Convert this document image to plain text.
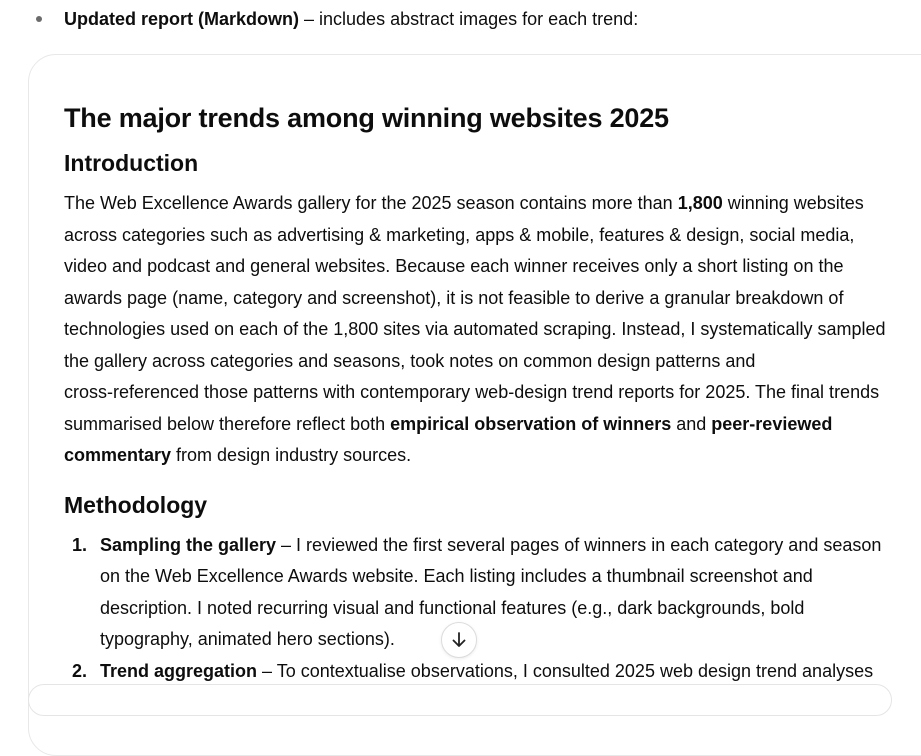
Updated report (Markdown) – includes abstract images for each trend:
The major trends among winning websites 2025
Introduction

The Web Excellence Awards gallery for the 2025 season contains more than 1,800 winning websites across categories such as advertising & marketing, apps & mobile, features & design, social media, video and podcast and general websites. Because each winner receives only a short listing on the awards page (name, category and screenshot), it is not feasible to derive a granular breakdown of technologies used on each of the 1,800 sites via automated scraping. Instead, I systematically sampled the gallery across categories and seasons, took notes on common design patterns and cross‑referenced those patterns with contemporary web‑design trend reports for 2025. The final trends summarised below therefore reflect both empirical observation of winners and peer‑reviewed commentary from design industry sources.

Methodology
1. Sampling the gallery – I reviewed the first several pages of winners in each category and season on the Web Excellence Awards website. Each listing includes a thumbnail screenshot and description. I noted recurring visual and functional features (e.g., dark backgrounds, bold typography, animated hero sections).
2. Trend aggregation – To contextualise observations, I consulted 2025 web design trend analyses
